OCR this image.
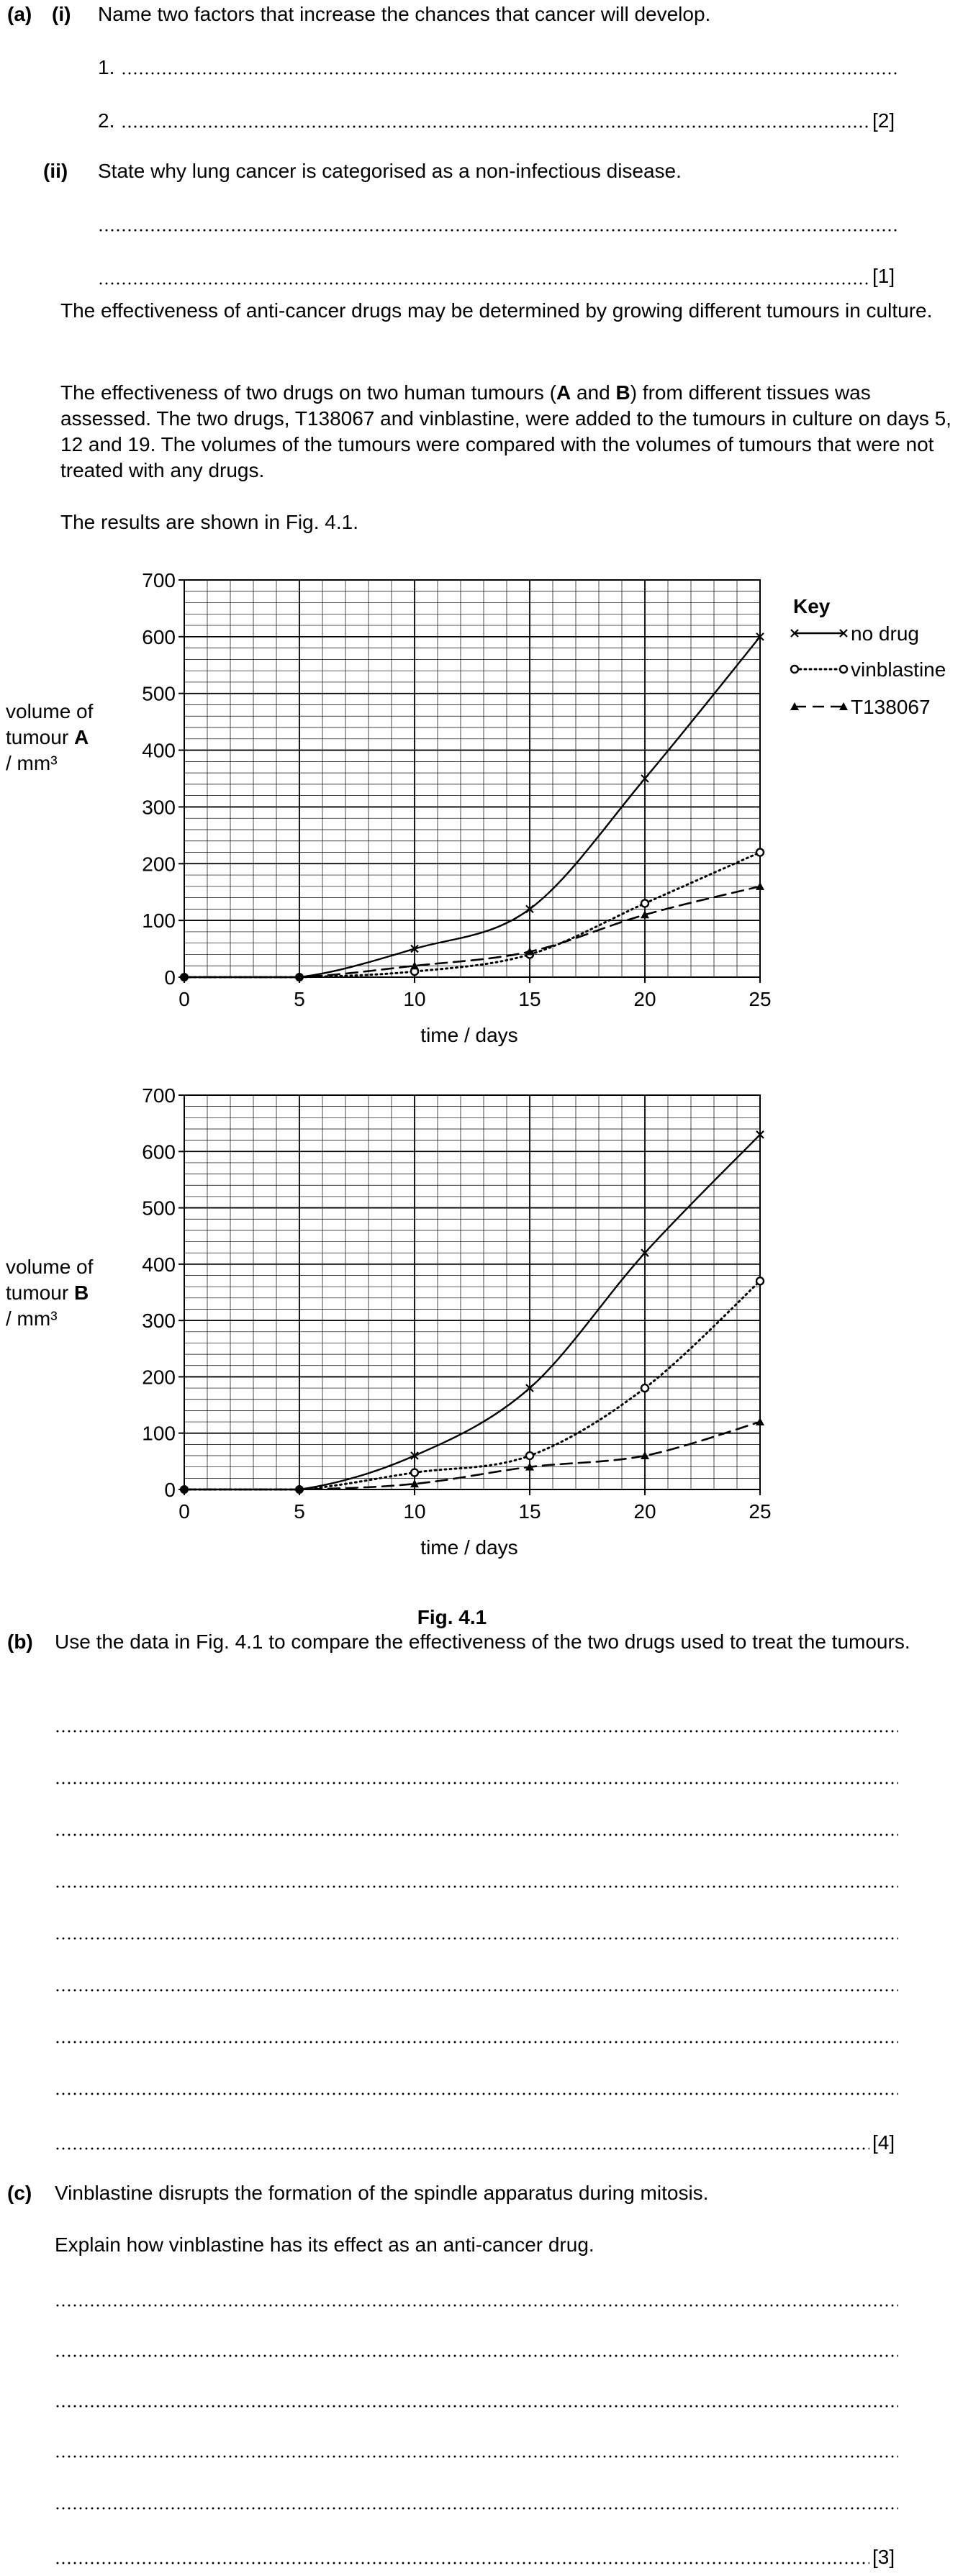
(a) (i) Name two factors that increase the chances that cancer will develop.
1.
2.	[2]
(ii) State why lung cancer is categorised as a non-infectious disease.
[1]
The effectiveness of anti-cancer drugs may be determined by growing different tumours in culture.
The effectiveness of two drugs on two human tumours (A and B) from different tissues was assessed. The two drugs, T138067 and vinblastine, were added to the tumours in culture on days 5, 12 and 19. The volumes of the tumours were compared with the volumes of tumours that were not treated with any drugs.
The results are shown in Fig. 4.1.
0
100
200
300
400
500
600
700
0	5	10	15	20	25
volume of
tumour A
/ mm³
time / days
Key
no drug
vinblastine
T138067
0
100
200
300
400
500
600
700
0	5	10	15	20	25
volume of
tumour B
/ mm³
time / days
Fig. 4.1
(b) Use the data in Fig. 4.1 to compare the effectiveness of the two drugs used to treat the tumours.
[4]
(c) Vinblastine disrupts the formation of the spindle apparatus during mitosis.
Explain how vinblastine has its effect as an anti-cancer drug.
[3]
